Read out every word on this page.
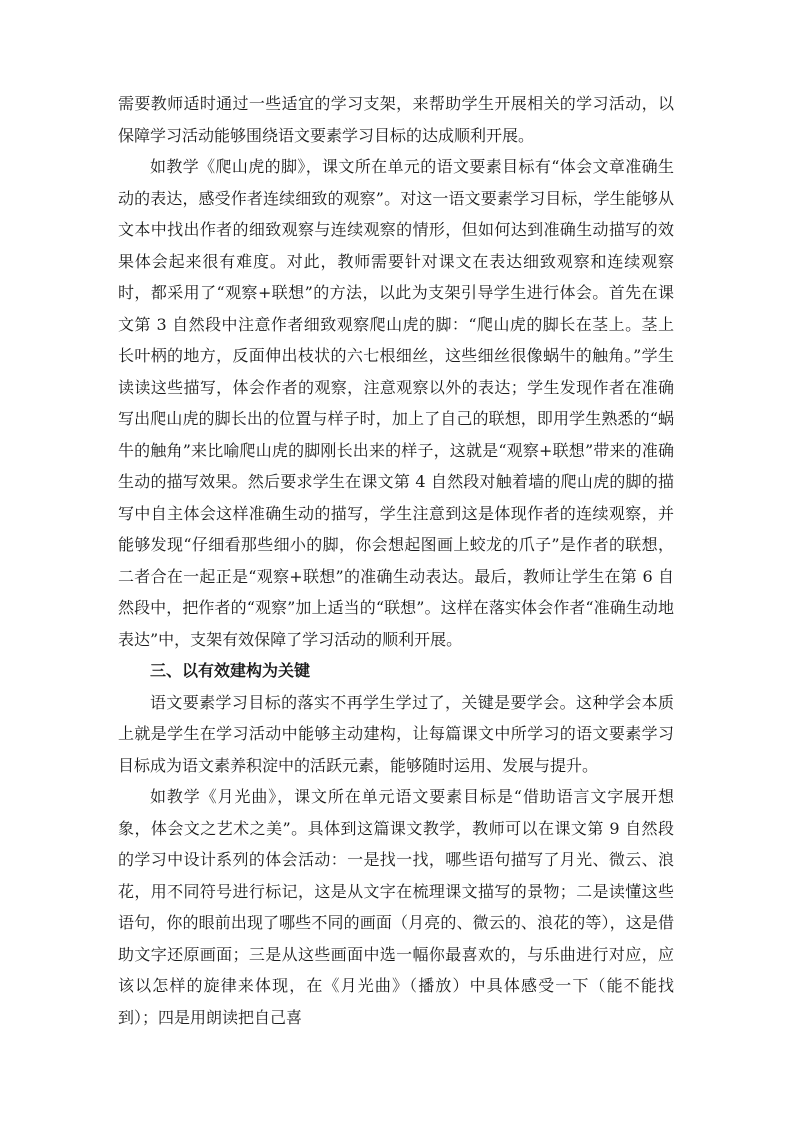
需要教师适时通过一些适宜的学习支架，来帮助学生开展相关的学习活动，以保障学习活动能够围绕语文要素学习目标的达成顺利开展。

如教学《爬山虎的脚》，课文所在单元的语文要素目标有“体会文章准确生动的表达，感受作者连续细致的观察”。对这一语文要素学习目标，学生能够从文本中找出作者的细致观察与连续观察的情形，但如何达到准确生动描写的效果体会起来很有难度。对此，教师需要针对课文在表达细致观察和连续观察时，都采用了“观察+联想”的方法，以此为支架引导学生进行体会。首先在课文第 3 自然段中注意作者细致观察爬山虎的脚：“爬山虎的脚长在茎上。茎上长叶柄的地方，反面伸出枝状的六七根细丝，这些细丝很像蜗牛的触角。”学生读读这些描写，体会作者的观察，注意观察以外的表达；学生发现作者在准确写出爬山虎的脚长出的位置与样子时，加上了自己的联想，即用学生熟悉的“蜗牛的触角”来比喻爬山虎的脚刚长出来的样子，这就是“观察+联想”带来的准确生动的描写效果。然后要求学生在课文第 4 自然段对触着墙的爬山虎的脚的描写中自主体会这样准确生动的描写，学生注意到这是体现作者的连续观察，并能够发现“仔细看那些细小的脚，你会想起图画上蛟龙的爪子”是作者的联想，二者合在一起正是“观察+联想”的准确生动表达。最后，教师让学生在第 6 自然段中，把作者的“观察”加上适当的“联想”。这样在落实体会作者“准确生动地表达”中，支架有效保障了学习活动的顺利开展。

三、以有效建构为关键

语文要素学习目标的落实不再学生学过了，关键是要学会。这种学会本质上就是学生在学习活动中能够主动建构，让每篇课文中所学习的语文要素学习目标成为语文素养积淀中的活跃元素，能够随时运用、发展与提升。

如教学《月光曲》，课文所在单元语文要素目标是“借助语言文字展开想象，体会文之艺术之美”。具体到这篇课文教学，教师可以在课文第 9 自然段的学习中设计系列的体会活动：一是找一找，哪些语句描写了月光、微云、浪花，用不同符号进行标记，这是从文字在梳理课文描写的景物；二是读懂这些语句，你的眼前出现了哪些不同的画面（月亮的、微云的、浪花的等），这是借助文字还原画面；三是从这些画面中选一幅你最喜欢的，与乐曲进行对应，应该以怎样的旋律来体现，在《月光曲》（播放）中具体感受一下（能不能找到）；四是用朗读把自己喜
